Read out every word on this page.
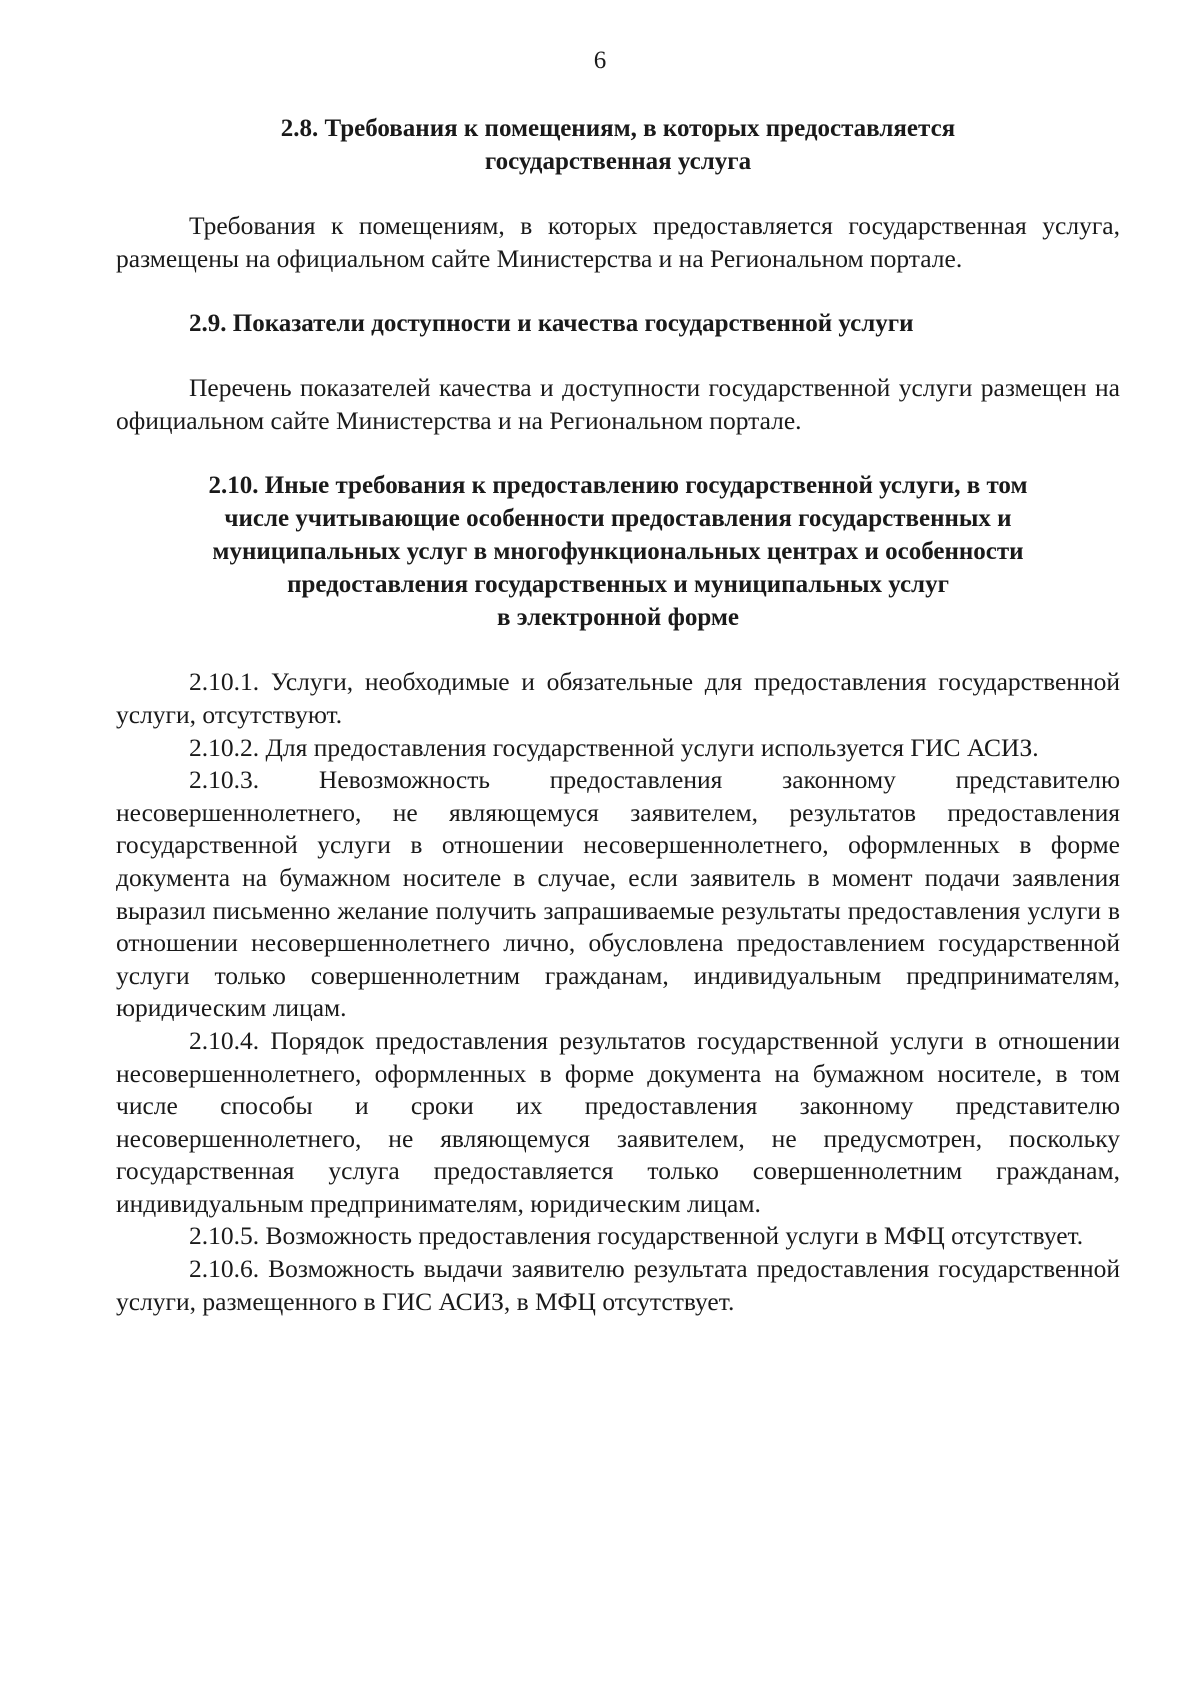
6

2.8. Требования к помещениям, в которых предоставляется
государственная услуга

Требования к помещениям, в которых предоставляется государственная услуга, размещены на официальном сайте Министерства и на Региональном портале.

2.9. Показатели доступности и качества государственной услуги

Перечень показателей качества и доступности государственной услуги размещен на официальном сайте Министерства и на Региональном портале.

2.10. Иные требования к предоставлению государственной услуги, в том
числе учитывающие особенности предоставления государственных и
муниципальных услуг в многофункциональных центрах и особенности
предоставления государственных и муниципальных услуг
в электронной форме

2.10.1. Услуги, необходимые и обязательные для предоставления государственной услуги, отсутствуют.

2.10.2. Для предоставления государственной услуги используется ГИС АСИЗ.

2.10.3. Невозможность предоставления законному представителю несовершеннолетнего, не являющемуся заявителем, результатов предоставления государственной услуги в отношении несовершеннолетнего, оформленных в форме документа на бумажном носителе в случае, если заявитель в момент подачи заявления выразил письменно желание получить запрашиваемые результаты предоставления услуги в отношении несовершеннолетнего лично, обусловлена предоставлением государственной услуги только совершеннолетним гражданам, индивидуальным предпринимателям, юридическим лицам.

2.10.4. Порядок предоставления результатов государственной услуги в отношении несовершеннолетнего, оформленных в форме документа на бумажном носителе, в том числе способы и сроки их предоставления законному представителю несовершеннолетнего, не являющемуся заявителем, не предусмотрен, поскольку государственная услуга предоставляется только совершеннолетним гражданам, индивидуальным предпринимателям, юридическим лицам.

2.10.5. Возможность предоставления государственной услуги в МФЦ отсутствует.

2.10.6. Возможность выдачи заявителю результата предоставления государственной услуги, размещенного в ГИС АСИЗ, в МФЦ отсутствует.
